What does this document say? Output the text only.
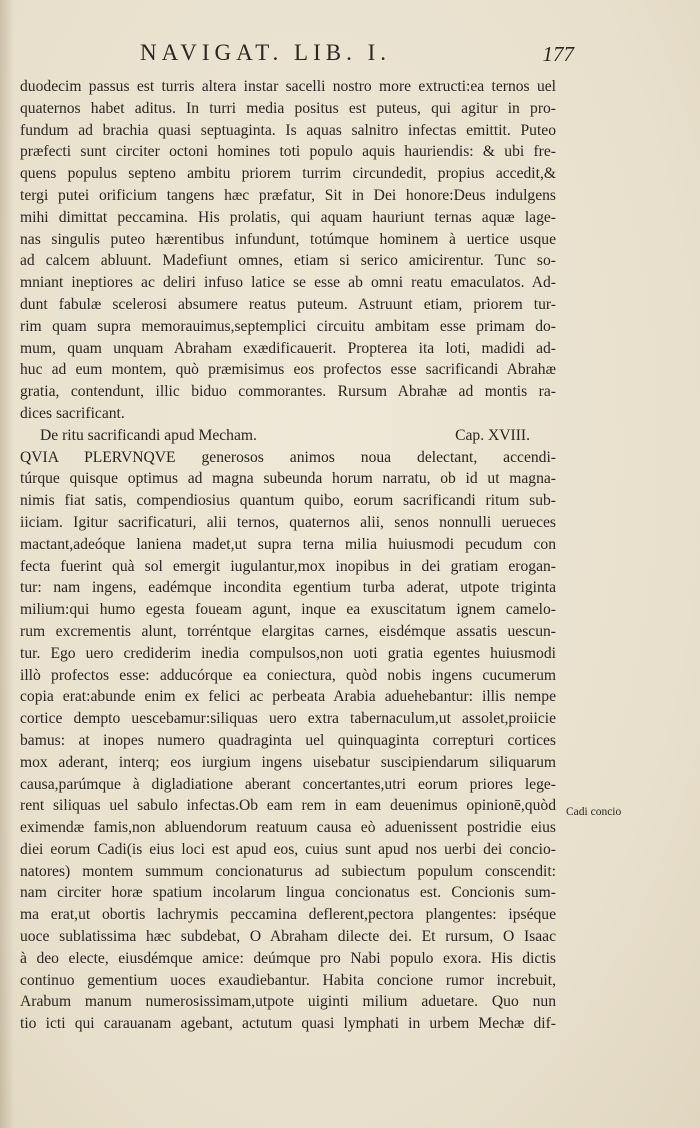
NAVIGAT. LIB. I.	177
duodecim passus est turris altera instar sacelli nostro more extructi:ea ternos uel
quaternos habet aditus. In turri media positus est puteus, qui agitur in pro-
fundum ad brachia quasi septuaginta. Is aquas salnitro infectas emittit. Puteo
præfecti sunt circiter octoni homines toti populo aquis hauriendis: & ubi fre-
quens populus septeno ambitu priorem turrim circundedit, propius accedit,&
tergi putei orificium tangens hæc præfatur, Sit in Dei honore:Deus indulgens
mihi dimittat peccamina. His prolatis, qui aquam hauriunt ternas aquæ lage-
nas singulis puteo hærentibus infundunt, totúmque hominem à uertice usque
ad calcem abluunt. Madefiunt omnes, etiam si serico amicirentur. Tunc so-
mniant ineptiores ac deliri infuso latice se esse ab omni reatu emaculatos. Ad-
dunt fabulæ scelerosi absumere reatus puteum. Astruunt etiam, priorem tur-
rim quam supra memorauimus,septemplici circuitu ambitam esse primam do-
mum, quam unquam Abraham exædificauerit. Propterea ita loti, madidi ad-
huc ad eum montem, quò præmisimus eos profectos esse sacrificandi Abrahæ
gratia, contendunt, illic biduo commorantes. Rursum Abrahæ ad montis ra-
dices sacrificant.
De ritu sacrificandi apud Mecham.	Cap. XVIII.
QVIA PLERVNQVE generosos animos noua delectant, accendi-
túrque quisque optimus ad magna subeunda horum narratu, ob id ut magna-
nimis fiat satis, compendiosius quantum quibo, eorum sacrificandi ritum sub-
iiciam. Igitur sacrificaturi, alii ternos, quaternos alii, senos nonnulli uerueces
mactant,adeóque laniena madet,ut supra terna milia huiusmodi pecudum con
fecta fuerint quà sol emergit iugulantur,mox inopibus in dei gratiam erogan-
tur: nam ingens, eadémque incondita egentium turba aderat, utpote triginta
milium:qui humo egesta foueam agunt, inque ea exuscitatum ignem camelo-
rum excrementis alunt, torréntque elargitas carnes, eisdémque assatis uescun-
tur. Ego uero crediderim inedia compulsos,non uoti gratia egentes huiusmodi
illò profectos esse: adducórque ea coniectura, quòd nobis ingens cucumerum
copia erat:abunde enim ex felici ac perbeata Arabia aduehebantur: illis nempe
cortice dempto uescebamur:siliquas uero extra tabernaculum,ut assolet,proiicie
bamus: at inopes numero quadraginta uel quinquaginta correpturi cortices
mox aderant, interq; eos iurgium ingens uisebatur suscipiendarum siliquarum
causa,parúmque à digladiatione aberant concertantes,utri eorum priores lege-
rent siliquas uel sabulo infectas.Ob eam rem in eam deuenimus opinionē,quòd
eximendæ famis,non abluendorum reatuum causa eò aduenissent postridie eius
diei eorum Cadi(is eius loci est apud eos, cuius sunt apud nos uerbi dei concio-
natores) montem summum concionaturus ad subiectum populum conscendit:
nam circiter horæ spatium incolarum lingua concionatus est. Concionis sum-
ma erat,ut obortis lachrymis peccamina deflerent,pectora plangentes: ipséque
uoce sublatissima hæc subdebat, O Abraham dilecte dei. Et rursum, O Isaac
à deo electe, eiusdémque amice: deúmque pro Nabi populo exora. His dictis
continuo gementium uoces exaudiebantur. Habita concione rumor increbuit,
Arabum manum numerosissimam,utpote uiginti milium aduetare. Quo nun
tio icti qui carauanam agebant, actutum quasi lymphati in urbem Mechæ dif-
Cadi concio
